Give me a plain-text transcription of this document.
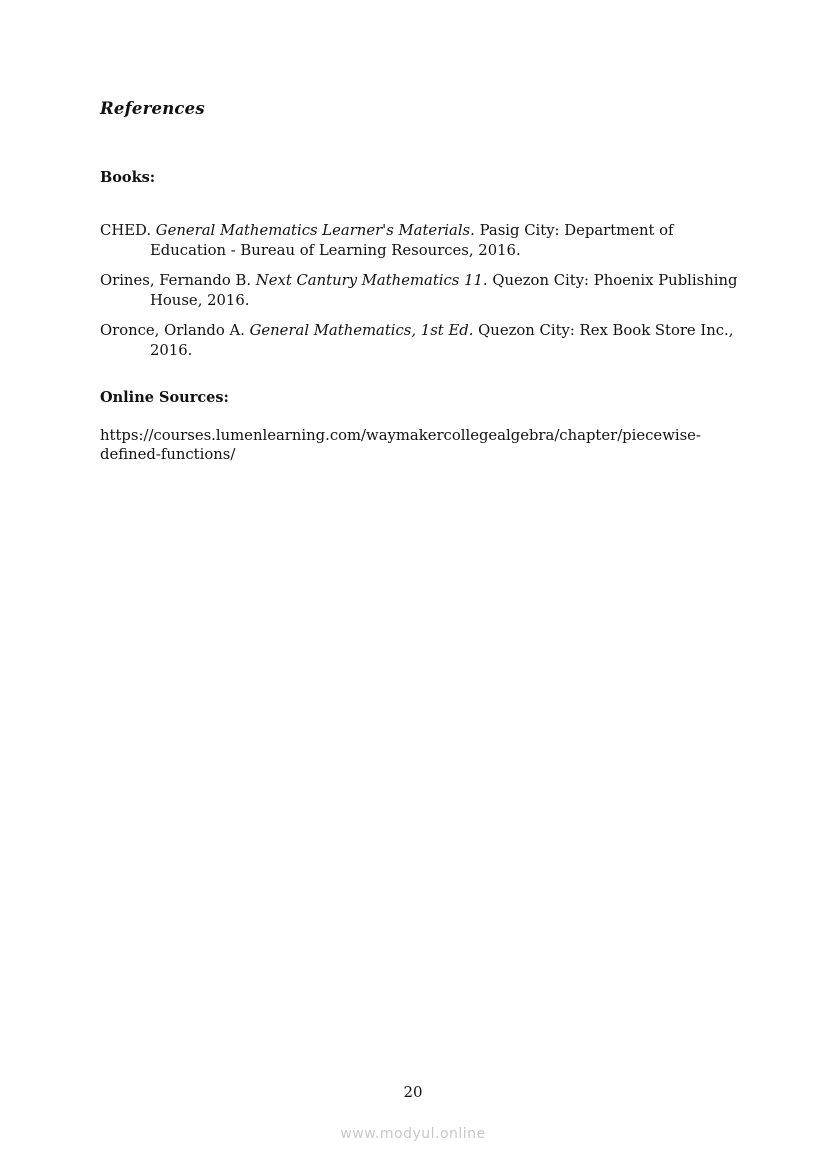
References
Books:
CHED. General Mathematics Learner's Materials. Pasig City: Department of Education - Bureau of Learning Resources, 2016.
Orines, Fernando B. Next Cantury Mathematics 11. Quezon City: Phoenix Publishing House, 2016.
Oronce, Orlando A. General Mathematics, 1st Ed. Quezon City: Rex Book Store Inc., 2016.
Online Sources:
https://courses.lumenlearning.com/waymakercollegealgebra/chapter/piecewise-
defined-functions/
20
www.modyul.online
